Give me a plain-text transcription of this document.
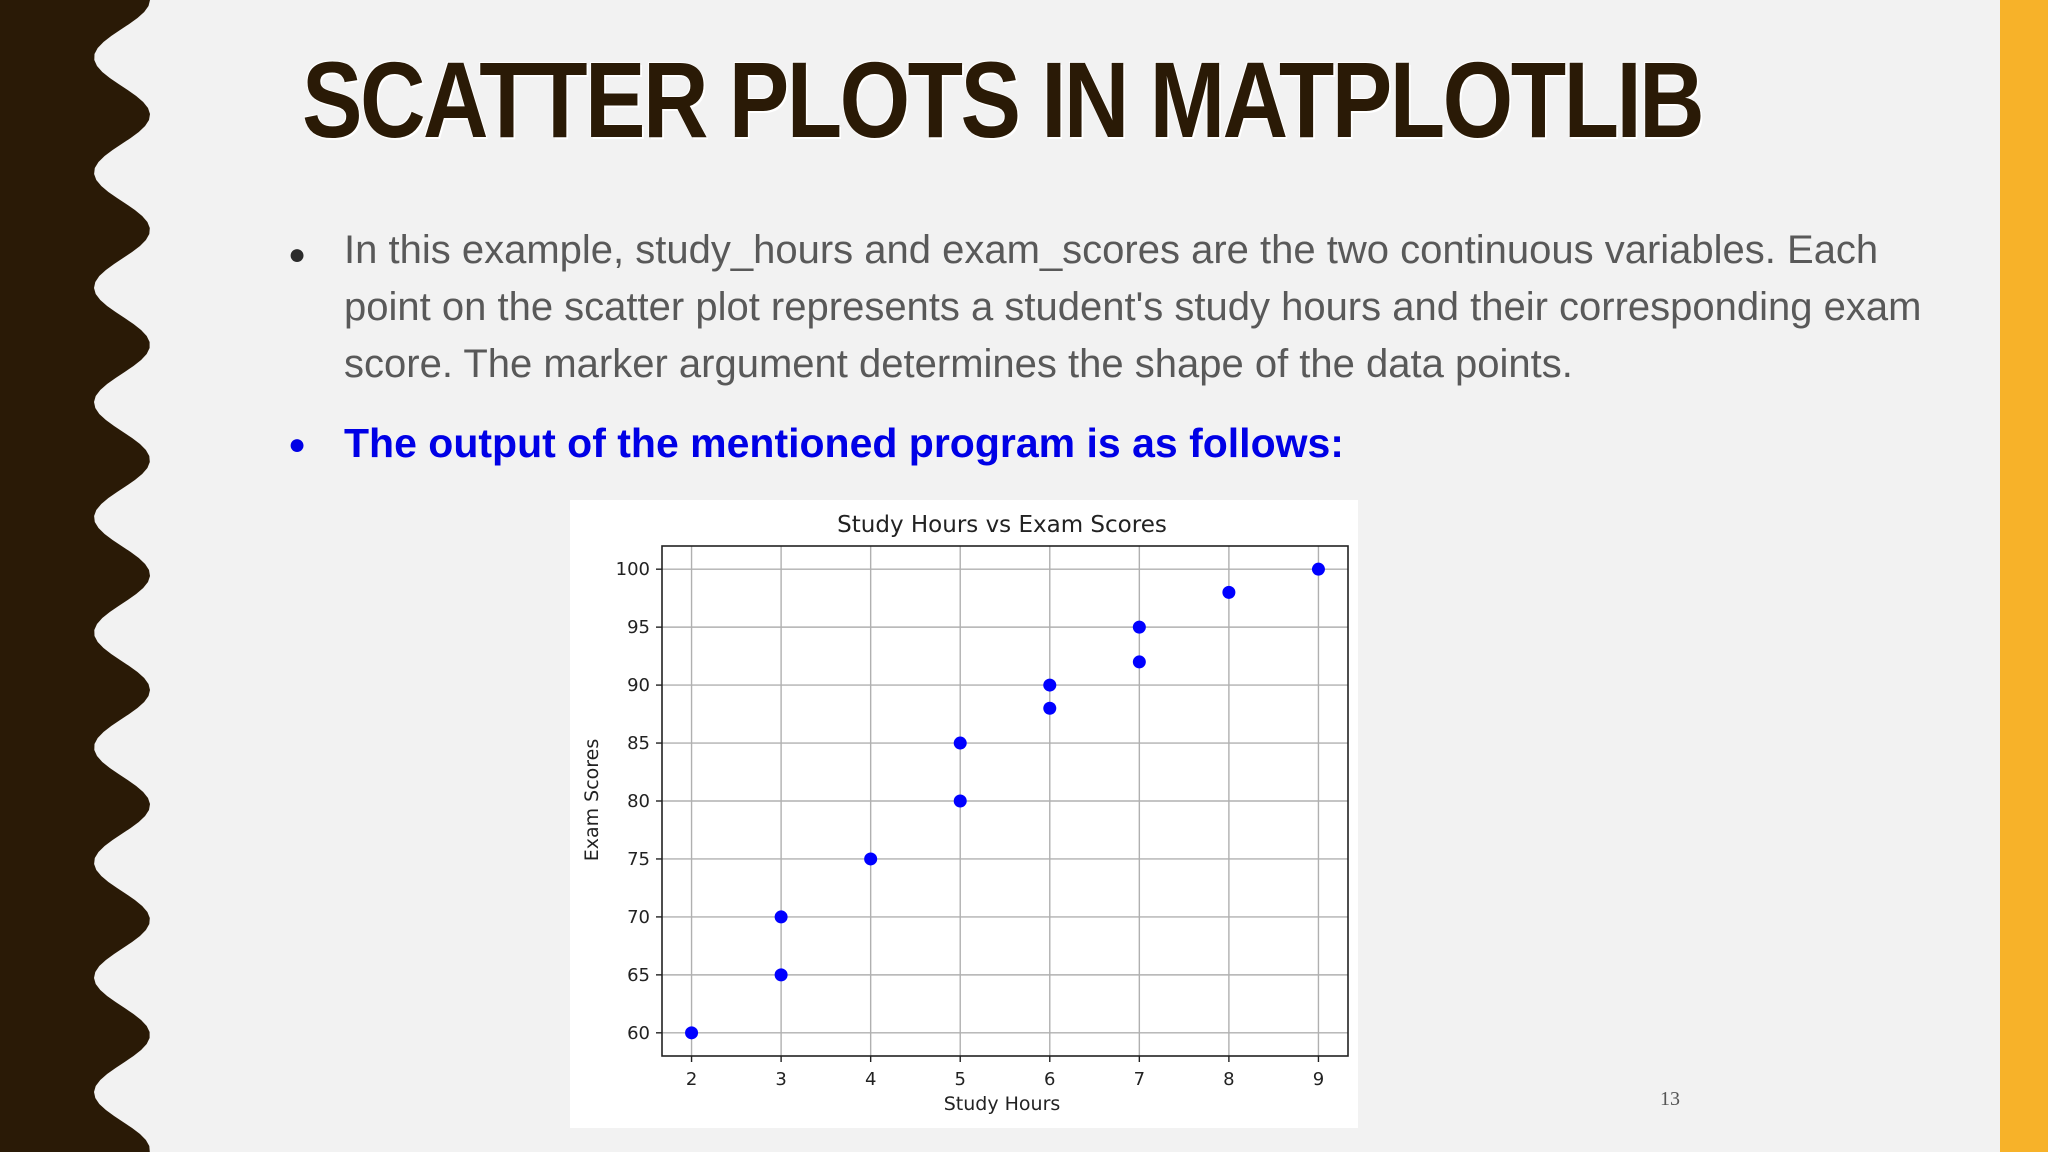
SCATTER PLOTS IN MATPLOTLIB
● In this example, study_hours and exam_scores are the two continuous variables. Each point on the scatter plot represents a student's study hours and their corresponding exam score. The marker argument determines the shape of the data points.
● The output of the mentioned program is as follows:
Study Hours vs Exam Scores
Study Hours
Exam Scores
2	3	4	5	6	7	8	9
60
65
70
75
80
85
90
95
100
13
